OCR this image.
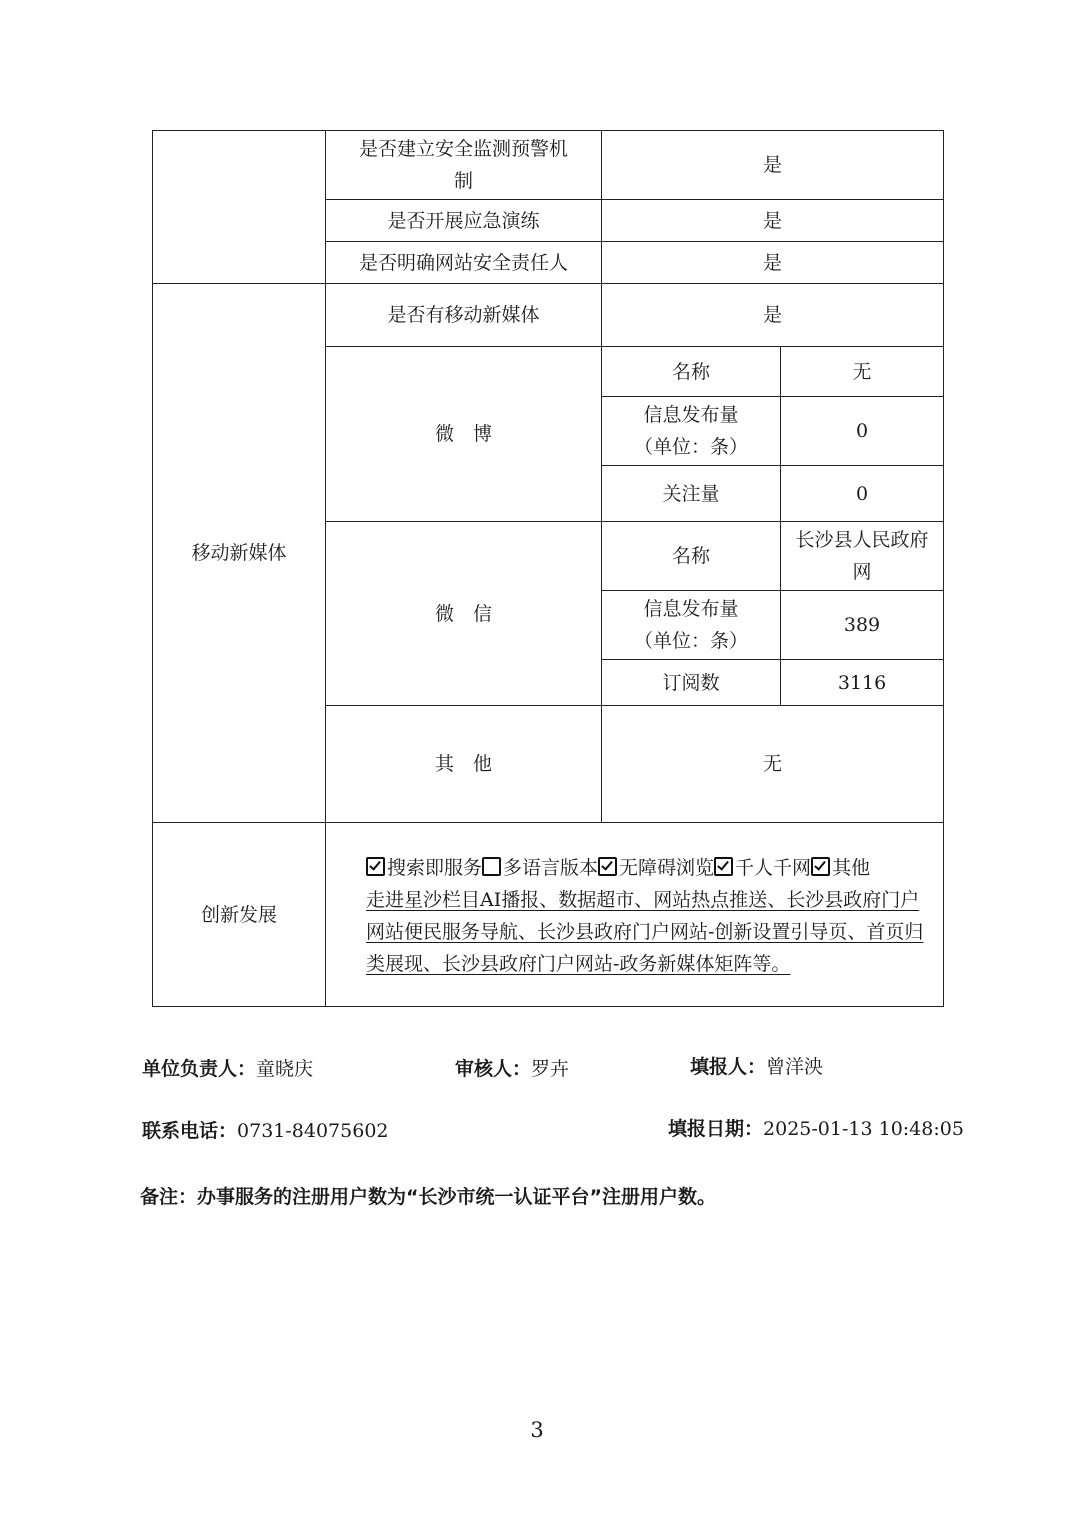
	是否建立安全监测预警机制	是	
	是否开展应急演练	是	
	是否明确网站安全责任人	是	
移动新媒体	是否有移动新媒体	是	
	微　博	名称	无
		信息发布量（单位：条）	0
		关注量	0
	微　信	名称	长沙县人民政府网
		信息发布量（单位：条）	389
		订阅数	3116
	其　他	无	
创新发展	搜索即服务 多语言版本 无障碍浏览 千人千网 其他
走进星沙栏目AI播报、数据超市、网站热点推送、长沙县政府门户网站便民服务导航、长沙县政府门户网站-创新设置引导页、首页归类展现、长沙县政府门户网站-政务新媒体矩阵等。		
单位负责人：童晓庆	审核人：罗卉	填报人：曾洋泱
联系电话：0731-84075602	填报日期：2025-01-13 10:48:05
备注：办事服务的注册用户数为“长沙市统一认证平台”注册用户数。
3
